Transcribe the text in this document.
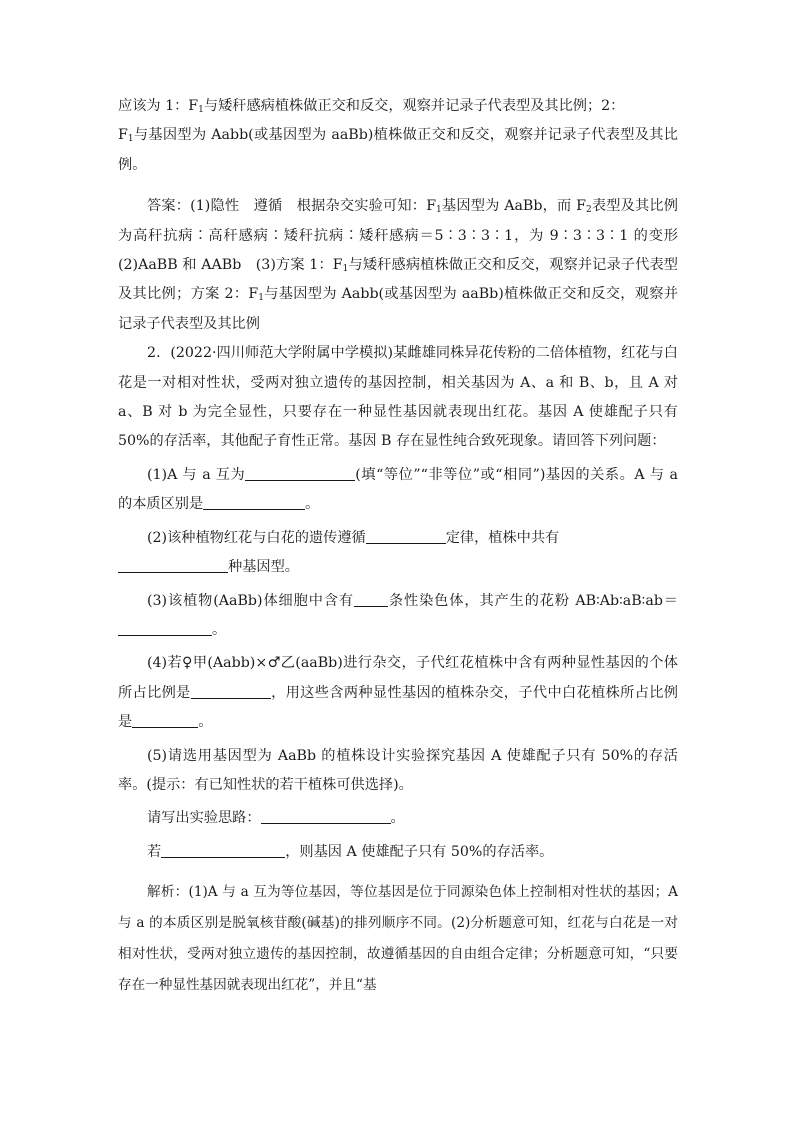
应该为 1：$F_1$与矮秆感病植株做正交和反交，观察并记录子代表型及其比例；2：
$F_1$与基因型为 Aabb(或基因型为 aaBb)植株做正交和反交，观察并记录子代表型及其比例。

答案：(1)隐性　遵循　根据杂交实验可知：$F_1$基因型为 AaBb，而 $F_2$表型及其比例为高秆抗病∶高秆感病∶矮秆抗病∶矮秆感病＝5∶3∶3∶1，为 9∶3∶3∶1 的变形　(2)AaBB 和 AABb　(3)方案 1：$F_1$与矮秆感病植株做正交和反交，观察并记录子代表型及其比例；方案 2：$F_1$与基因型为 Aabb(或基因型为 aaBb)植株做正交和反交，观察并记录子代表型及其比例

2．(2022·四川师范大学附属中学模拟)某雌雄同株异花传粉的二倍体植物，红花与白花是一对相对性状，受两对独立遗传的基因控制，相关基因为 A、a 和 B、b，且 A 对 a、B 对 b 为完全显性，只要存在一种显性基因就表现出红花。基因 A 使雄配子只有 50%的存活率，其他配子育性正常。基因 B 存在显性纯合致死现象。请回答下列问题：

(1)A 与 a 互为	(填“等位”“非等位”或“相同”)基因的关系。A 与 a 的本质区别是	。

(2)该种植物红花与白花的遗传遵循	定律，植株中共有
种基因型。

(3)该植物(AaBb)体细胞中含有 条性染色体，其产生的花粉 AB∶Ab∶aB∶ab＝。

(4)若♀甲(Aabb)×♂乙(aaBb)进行杂交，子代红花植株中含有两种显性基因的个体所占比例是	，用这些含两种显性基因的植株杂交，子代中白花植株所占比例是	。

(5)请选用基因型为 AaBb 的植株设计实验探究基因 A 使雄配子只有 50%的存活率。(提示：有已知性状的若干植株可供选择)。

请写出实验思路：	。

若	，则基因 A 使雄配子只有 50%的存活率。

解析：(1)A 与 a 互为等位基因，等位基因是位于同源染色体上控制相对性状的基因；A 与 a 的本质区别是脱氧核苷酸(碱基)的排列顺序不同。(2)分析题意可知，红花与白花是一对相对性状，受两对独立遗传的基因控制，故遵循基因的自由组合定律；分析题意可知，“只要存在一种显性基因就表现出红花”，并且“基
